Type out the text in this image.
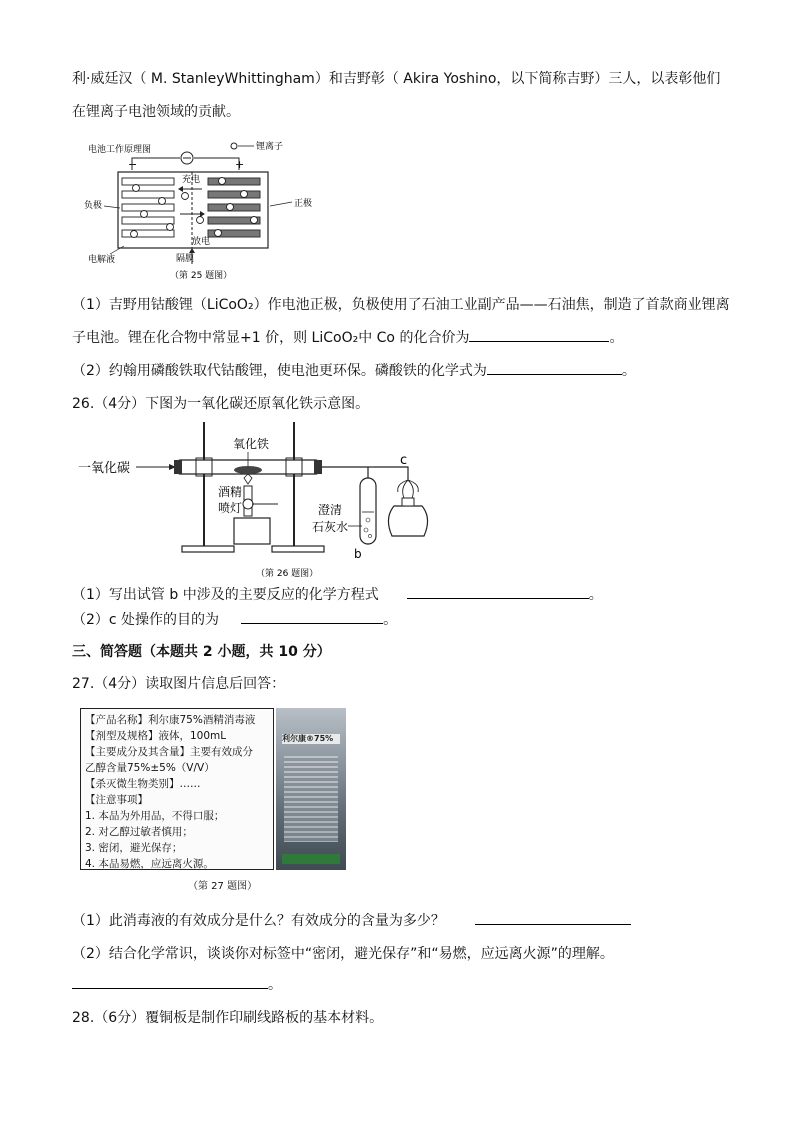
利·威廷汉（ M. StanleyWhittingham）和吉野彰（ Akira Yoshino，以下简称吉野）三人，以表彰他们
在锂离子电池领域的贡献。
电池工作原理图
−	+
锂离子
充电
放电
负极	正极
电解液	隔膜
（第 25 题图）
（1）吉野用钴酸锂（LiCoO₂）作电池正极，负极使用了石油工业副产品——石油焦，制造了首款商业锂离
子电池。锂在化合物中常显+1 价，则 LiCoO₂中 Co 的化合价为	。
（2）约翰用磷酸铁取代钴酸锂，使电池更环保。磷酸铁的化学式为	。
26.（4分）下图为一氧化碳还原氧化铁示意图。
一氧化碳
氧化铁
酒精
喷灯	澄清
石灰水
b
c
（第 26 题图）
（1）写出试管 b 中涉及的主要反应的化学方程式	。
（2）c 处操作的目的为	。
三、简答题（本题共 2 小题，共 10 分）
27.（4分）读取图片信息后回答：
【产品名称】利尔康75%酒精消毒液
【剂型及规格】液体，100mL
【主要成分及其含量】主要有效成分
乙醇含量75%±5%（V/V）
【杀灭微生物类别】……
【注意事项】
1. 本品为外用品，不得口服；
2. 对乙醇过敏者慎用；
3. 密闭，避光保存；
4. 本品易燃，应远离火源。
利尔康®75%
（第 27 题图）
（1）此消毒液的有效成分是什么？有效成分的含量为多少？
（2）结合化学常识，谈谈你对标签中“密闭，避光保存”和“易燃，应远离火源”的理解。
。
28.（6分）覆铜板是制作印刷线路板的基本材料。
